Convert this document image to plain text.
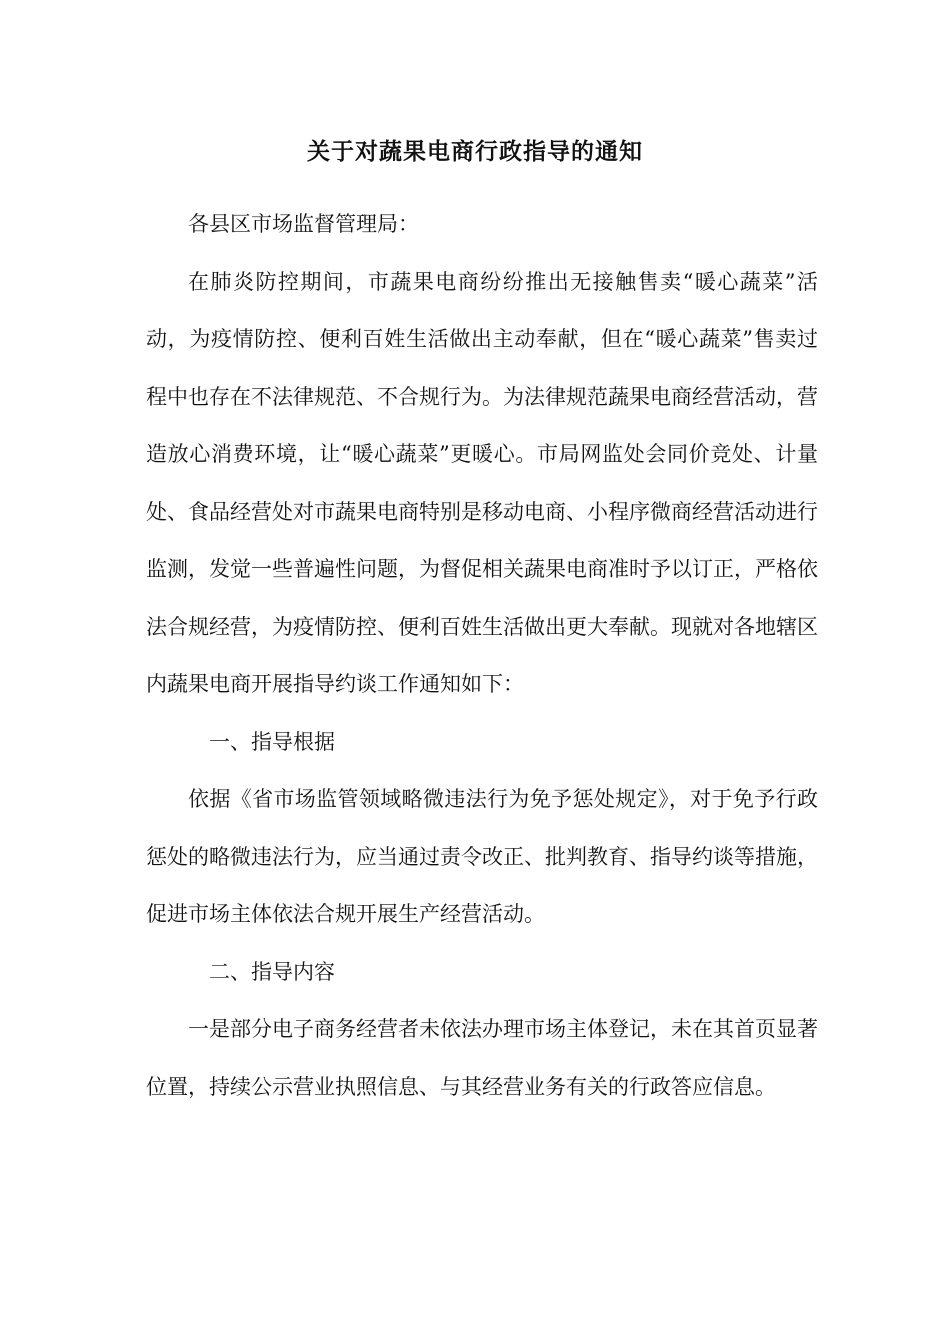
关于对蔬果电商行政指导的通知

各县区市场监督管理局：

在肺炎防控期间，市蔬果电商纷纷推出无接触售卖“暖心蔬菜”活动，为疫情防控、便利百姓生活做出主动奉献，但在“暖心蔬菜”售卖过程中也存在不法律规范、不合规行为。为法律规范蔬果电商经营活动，营造放心消费环境，让“暖心蔬菜”更暖心。市局网监处会同价竞处、计量处、食品经营处对市蔬果电商特别是移动电商、小程序微商经营活动进行监测，发觉一些普遍性问题，为督促相关蔬果电商准时予以订正，严格依法合规经营，为疫情防控、便利百姓生活做出更大奉献。现就对各地辖区内蔬果电商开展指导约谈工作通知如下：

一、指导根据

依据《省市场监管领域略微违法行为免予惩处规定》，对于免予行政惩处的略微违法行为，应当通过责令改正、批判教育、指导约谈等措施，促进市场主体依法合规开展生产经营活动。

二、指导内容

一是部分电子商务经营者未依法办理市场主体登记，未在其首页显著位置，持续公示营业执照信息、与其经营业务有关的行政答应信息。
